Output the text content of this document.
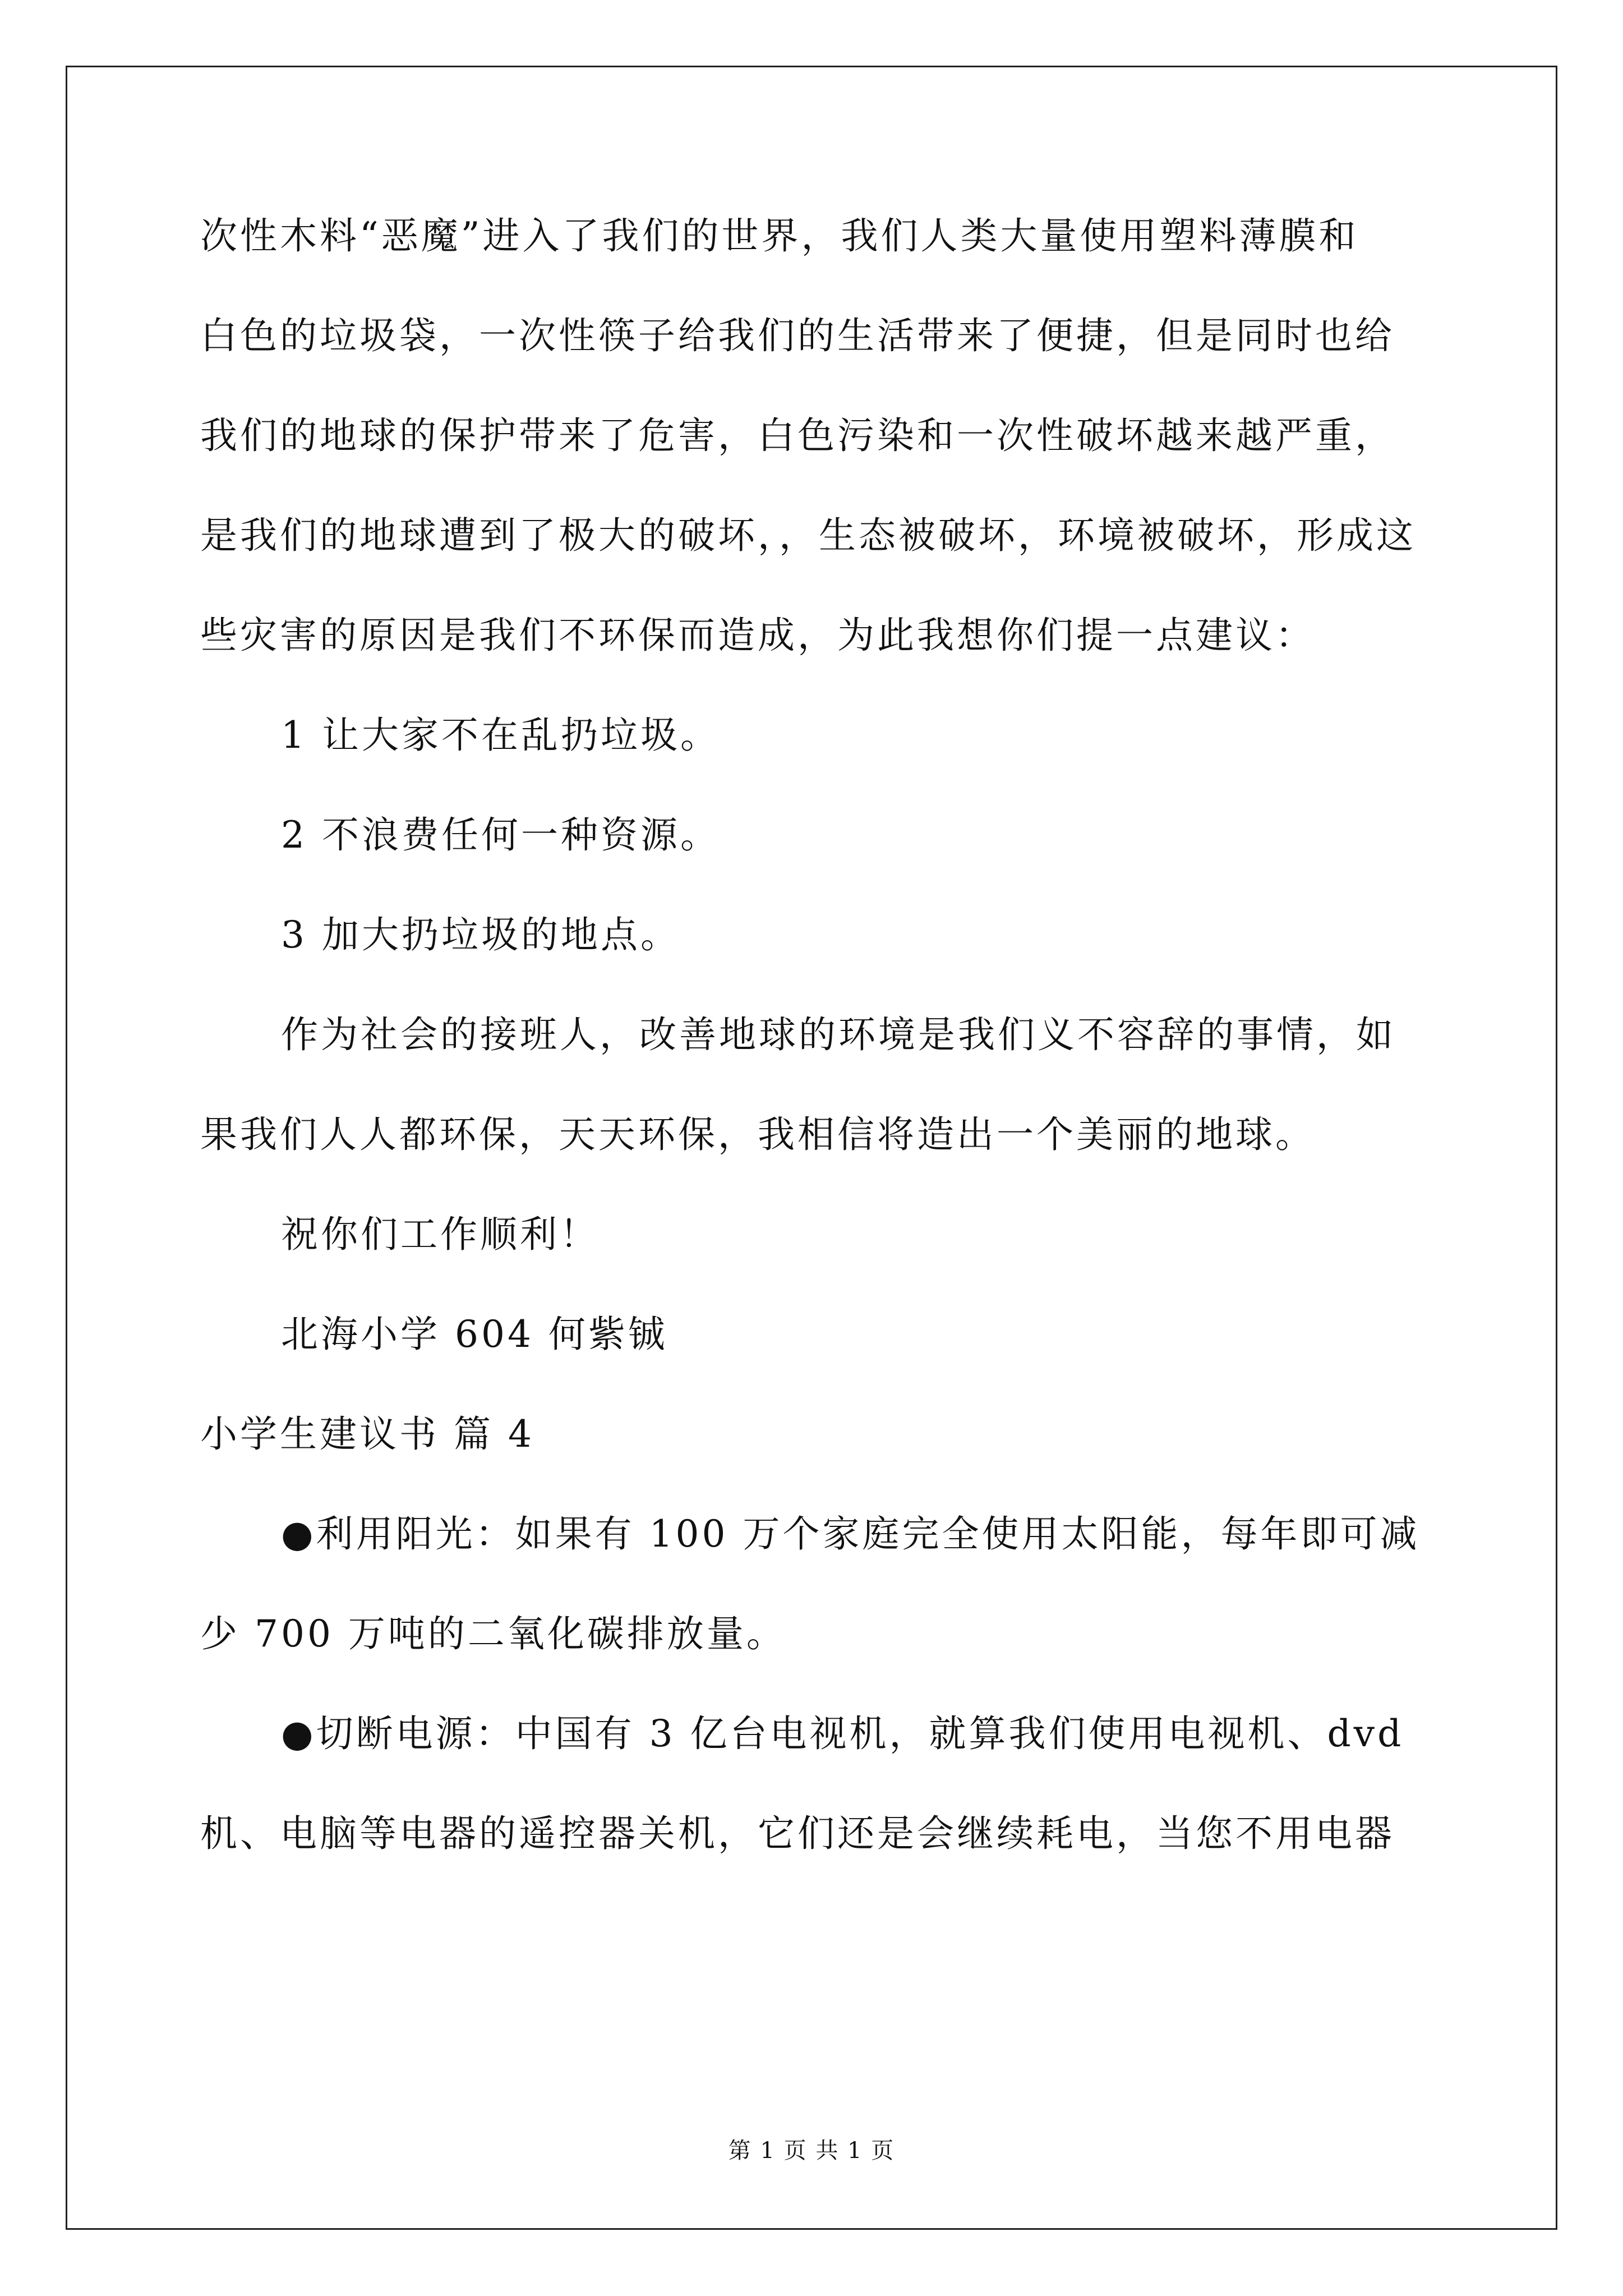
次性木料“恶魔”进入了我们的世界，我们人类大量使用塑料薄膜和
白色的垃圾袋，一次性筷子给我们的生活带来了便捷，但是同时也给
我们的地球的保护带来了危害，白色污染和一次性破坏越来越严重，
是我们的地球遭到了极大的破坏，，生态被破坏，环境被破坏，形成这
些灾害的原因是我们不环保而造成，为此我想你们提一点建议：
1 让大家不在乱扔垃圾。
2 不浪费任何一种资源。
3 加大扔垃圾的地点。
作为社会的接班人，改善地球的环境是我们义不容辞的事情，如
果我们人人都环保，天天环保，我相信将造出一个美丽的地球。
祝你们工作顺利！
北海小学 604 何紫铖
小学生建议书 篇 4
●利用阳光：如果有 100 万个家庭完全使用太阳能，每年即可减
少 700 万吨的二氧化碳排放量。
●切断电源：中国有 3 亿台电视机，就算我们使用电视机、dvd
机、电脑等电器的遥控器关机，它们还是会继续耗电，当您不用电器
第 1 页 共 1 页
